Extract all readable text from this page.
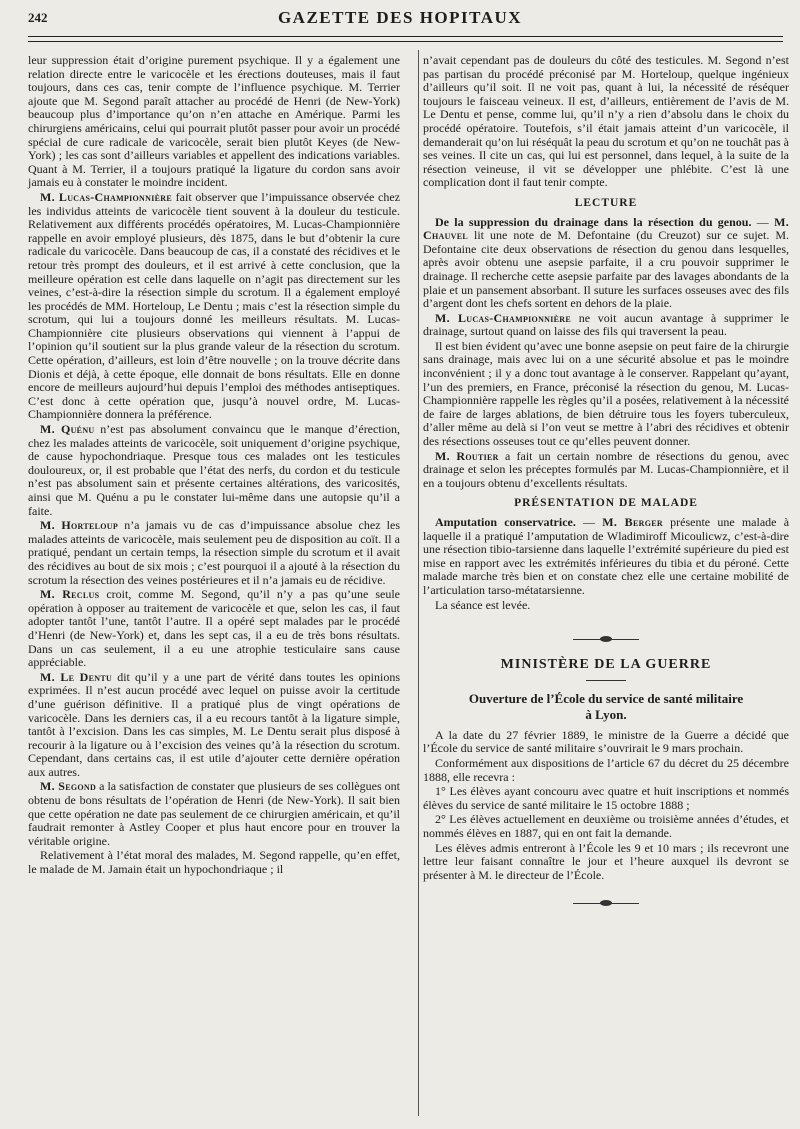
242	GAZETTE DES HOPITAUX

leur suppression était d’origine purement psychique. Il y a également une relation directe entre le varicocèle et les érections douteuses, mais il faut toujours, dans ces cas, tenir compte de l’influence psychique. M. Terrier ajoute que M. Segond paraît attacher au procédé de Henri (de New-York) beaucoup plus d’importance qu’on n’en attache en Amérique. Parmi les chirurgiens américains, celui qui pourrait plutôt passer pour avoir un procédé spécial de cure radicale de varicocèle, serait bien plutôt Keyes (de New-York) ; les cas sont d’ailleurs variables et appellent des indications variables. Quant à M. Terrier, il a toujours pratiqué la ligature du cordon sans avoir jamais eu à constater le moindre incident.

M. Lucas-Championnière fait observer que l’impuissance observée chez les individus atteints de varicocèle tient souvent à la douleur du testicule. Relativement aux différents procédés opératoires, M. Lucas-Championnière rappelle en avoir employé plusieurs, dès 1875, dans le but d’obtenir la cure radicale du varicocèle. Dans beaucoup de cas, il a constaté des récidives et le retour très prompt des douleurs, et il est arrivé à cette conclusion, que la meilleure opération est celle dans laquelle on n’agit pas directement sur les veines, c’est-à-dire la résection simple du scrotum. Il a également employé les procédés de MM. Horteloup, Le Dentu ; mais c’est la résection simple du scrotum, qui lui a toujours donné les meilleurs résultats. M. Lucas-Championnière cite plusieurs observations qui viennent à l’appui de l’opinion qu’il soutient sur la plus grande valeur de la résection du scrotum. Cette opération, d’ailleurs, est loin d’être nouvelle ; on la trouve décrite dans Dionis et déjà, à cette époque, elle donnait de bons résultats. Elle en donne encore de meilleurs aujourd’hui depuis l’emploi des méthodes antiseptiques. C’est donc à cette opération que, jusqu’à nouvel ordre, M. Lucas-Championnière donnera la préférence.

M. Quénu n’est pas absolument convaincu que le manque d’érection, chez les malades atteints de varicocèle, soit uniquement d’origine psychique, de cause hypochondriaque. Presque tous ces malades ont les testicules douloureux, or, il est probable que l’état des nerfs, du cordon et du testicule n’est pas absolument sain et présente certaines altérations, des varicosités, ainsi que M. Quénu a pu le constater lui-même dans une autopsie qu’il a faite.

M. Horteloup n’a jamais vu de cas d’impuissance absolue chez les malades atteints de varicocèle, mais seulement peu de disposition au coït. Il a pratiqué, pendant un certain temps, la résection simple du scrotum et il avait des récidives au bout de six mois ; c’est pourquoi il a ajouté à la résection du scrotum la résection des veines postérieures et il n’a jamais eu de récidive.

M. Reclus croit, comme M. Segond, qu’il n’y a pas qu’une seule opération à opposer au traitement de varicocèle et que, selon les cas, il faut adopter tantôt l’une, tantôt l’autre. Il a opéré sept malades par le procédé d’Henri (de New-York) et, dans les sept cas, il a eu de très bons résultats. Dans un cas seulement, il a eu une atrophie testiculaire sans cause appréciable.

M. Le Dentu dit qu’il y a une part de vérité dans toutes les opinions exprimées. Il n’est aucun procédé avec lequel on puisse avoir la certitude d’une guérison définitive. Il a pratiqué plus de vingt opérations de varicocèle. Dans les derniers cas, il a eu recours tantôt à la ligature simple, tantôt à l’excision. Dans les cas simples, M. Le Dentu serait plus disposé à recourir à la ligature ou à l’excision des veines qu’à la résection du scrotum. Cependant, dans certains cas, il est utile d’ajouter cette dernière opération aux autres.

M. Segond a la satisfaction de constater que plusieurs de ses collègues ont obtenu de bons résultats de l’opération de Henri (de New-York). Il sait bien que cette opération ne date pas seulement de ce chirurgien américain, et qu’il faudrait remonter à Astley Cooper et plus haut encore pour en trouver la véritable origine.

Relativement à l’état moral des malades, M. Segond rappelle, qu’en effet, le malade de M. Jamain était un hypochondriaque ; il

n’avait cependant pas de douleurs du côté des testicules. M. Segond n’est pas partisan du procédé préconisé par M. Horteloup, quelque ingénieux d’ailleurs qu’il soit. Il ne voit pas, quant à lui, la nécessité de réséquer toujours le faisceau veineux. Il est, d’ailleurs, entièrement de l’avis de M. Le Dentu et pense, comme lui, qu’il n’y a rien d’absolu dans le choix du procédé opératoire. Toutefois, s’il était jamais atteint d’un varicocèle, il demanderait qu’on lui réséquât la peau du scrotum et qu’on ne touchât pas à ses veines. Il cite un cas, qui lui est personnel, dans lequel, à la suite de la résection veineuse, il vit se développer une phlébite. C’est là une complication dont il faut tenir compte.

LECTURE

De la suppression du drainage dans la résection du genou. — M. Chauvel lit une note de M. Defontaine (du Creuzot) sur ce sujet. M. Defontaine cite deux observations de résection du genou dans lesquelles, après avoir obtenu une asepsie parfaite, il a cru pouvoir supprimer le drainage. Il recherche cette asepsie parfaite par des lavages abondants de la plaie et un pansement absorbant. Il suture les surfaces osseuses avec des fils d’argent dont les chefs sortent en dehors de la plaie.

M. Lucas-Championnière ne voit aucun avantage à supprimer le drainage, surtout quand on laisse des fils qui traversent la peau.

Il est bien évident qu’avec une bonne asepsie on peut faire de la chirurgie sans drainage, mais avec lui on a une sécurité absolue et pas le moindre inconvénient ; il y a donc tout avantage à le conserver. Rappelant qu’ayant, l’un des premiers, en France, préconisé la résection du genou, M. Lucas-Championnière rappelle les règles qu’il a posées, relativement à la nécessité de faire de larges ablations, de bien détruire tous les foyers tuberculeux, d’aller même au delà si l’on veut se mettre à l’abri des récidives et obtenir des résections osseuses tout ce qu’elles peuvent donner.

M. Routier a fait un certain nombre de résections du genou, avec drainage et selon les préceptes formulés par M. Lucas-Championnière, et il en a toujours obtenu d’excellents résultats.

PRÉSENTATION DE MALADE

Amputation conservatrice. — M. Berger présente une malade à laquelle il a pratiqué l’amputation de Wladimiroff Micoulicwz, c’est-à-dire une résection tibio-tarsienne dans laquelle l’extrémité supérieure du pied est mise en rapport avec les extrémités inférieures du tibia et du péroné. Cette malade marche très bien et on constate chez elle une certaine mobilité de l’articulation tarso-métatarsienne.

La séance est levée.

MINISTÈRE DE LA GUERRE
Ouverture de l’École du service de santé militaire
à Lyon.

A la date du 27 février 1889, le ministre de la Guerre a décidé que l’École du service de santé militaire s’ouvrirait le 9 mars prochain.

Conformément aux dispositions de l’article 67 du décret du 25 décembre 1888, elle recevra :

1° Les élèves ayant concouru avec quatre et huit inscriptions et nommés élèves du service de santé militaire le 15 octobre 1888 ;

2° Les élèves actuellement en deuxième ou troisième années d’études, et nommés élèves en 1887, qui en ont fait la demande.

Les élèves admis entreront à l’École les 9 et 10 mars ; ils recevront une lettre leur faisant connaître le jour et l’heure auxquel ils devront se présenter à M. le directeur de l’École.
